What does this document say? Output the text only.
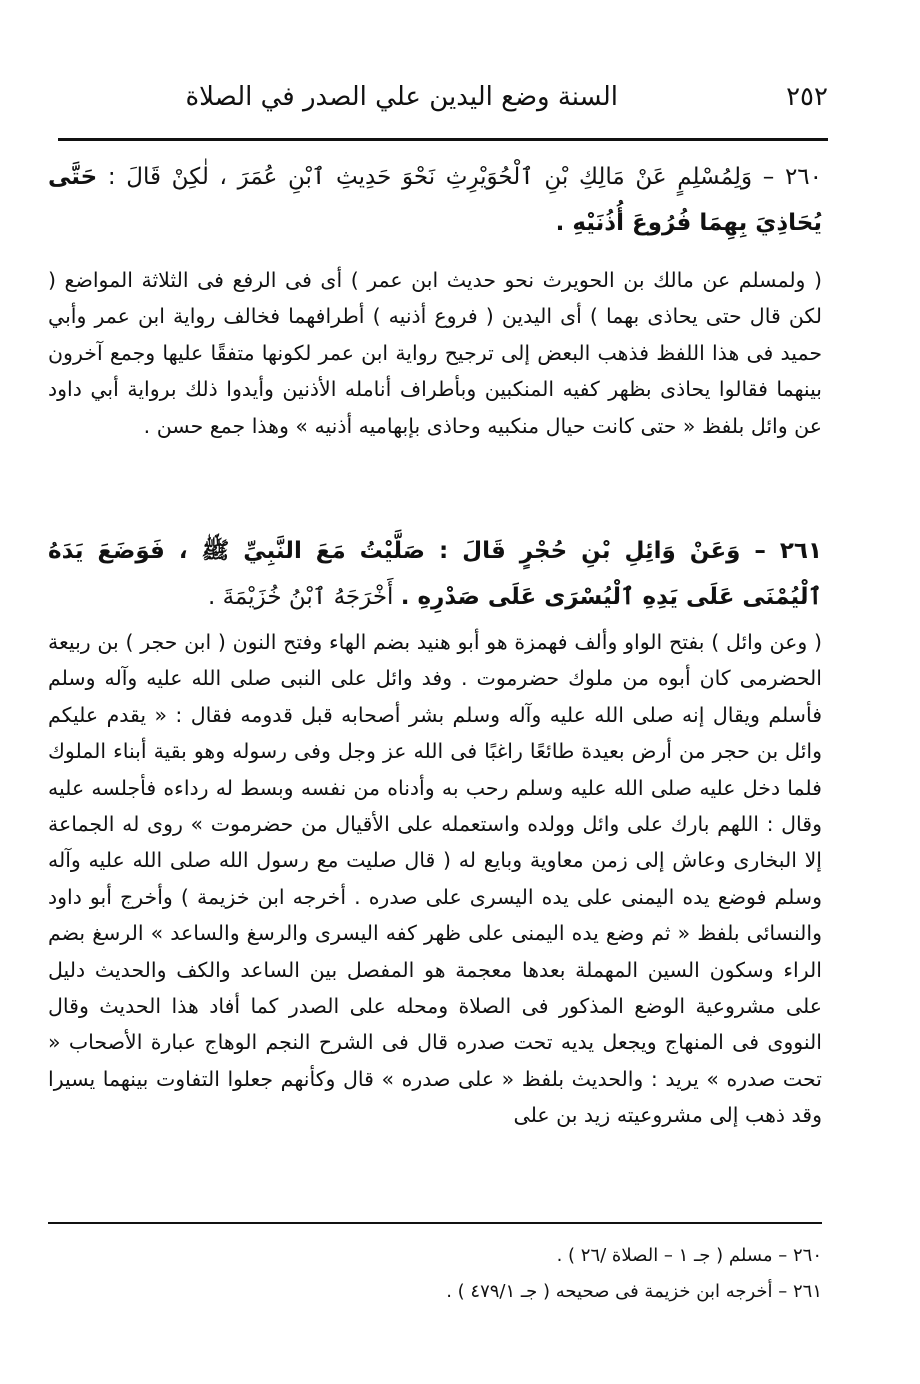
٢٥٢
السنة وضع اليدين علي الصدر في الصلاة
٢٦٠ – وَلِمُسْلِمٍ عَنْ مَالِكِ بْنِ ٱلْحُوَيْرِثِ نَحْوَ حَدِيثِ ٱبْنِ عُمَرَ ، لٰكِنْ قَالَ : حَتَّى يُحَاذِيَ بِهِمَا فُرُوعَ أُذُنَيْهِ .
( ولمسلم عن مالك بن الحويرث نحو حديث ابن عمر ) أى فى الرفع فى الثلاثة المواضع ( لكن قال حتى يحاذى بهما ) أى اليدين ( فروع أذنيه ) أطرافهما فخالف رواية ابن عمر وأبي حميد فى هذا اللفظ فذهب البعض إلى ترجيح رواية ابن عمر لكونها متفقًا عليها وجمع آخرون بينهما فقالوا يحاذى بظهر كفيه المنكبين وبأطراف أنامله الأذنين وأيدوا ذلك برواية أبي داود عن وائل بلفظ « حتى كانت حيال منكبيه وحاذى بإبهاميه أذنيه » وهذا جمع حسن .
٢٦١ – وَعَنْ وَائِلِ بْنِ حُجْرٍ قَالَ : صَلَّيْتُ مَعَ النَّبِيِّ ﷺ ، فَوَضَعَ يَدَهُ ٱلْيُمْنَى عَلَى يَدِهِ ٱلْيُسْرَى عَلَى صَدْرِهِ . أَخْرَجَهُ ٱبْنُ خُزَيْمَةَ .
( وعن وائل ) بفتح الواو وألف فهمزة هو أبو هنيد بضم الهاء وفتح النون ( ابن حجر ) بن ربيعة الحضرمى كان أبوه من ملوك حضرموت . وفد وائل على النبى صلى الله عليه وآله وسلم فأسلم ويقال إنه صلى الله عليه وآله وسلم بشر أصحابه قبل قدومه فقال : « يقدم عليكم وائل بن حجر من أرض بعيدة طائعًا راغبًا فى الله عز وجل وفى رسوله وهو بقية أبناء الملوك فلما دخل عليه صلى الله عليه وسلم رحب به وأدناه من نفسه وبسط له رداءه فأجلسه عليه وقال : اللهم بارك على وائل وولده واستعمله على الأقيال من حضرموت » روى له الجماعة إلا البخارى وعاش إلى زمن معاوية وبايع له ( قال صليت مع رسول الله صلى الله عليه وآله وسلم فوضع يده اليمنى على يده اليسرى على صدره . أخرجه ابن خزيمة ) وأخرج أبو داود والنسائى بلفظ « ثم وضع يده اليمنى على ظهر كفه اليسرى والرسغ والساعد » الرسغ بضم الراء وسكون السين المهملة بعدها معجمة هو المفصل بين الساعد والكف والحديث دليل على مشروعية الوضع المذكور فى الصلاة ومحله على الصدر كما أفاد هذا الحديث وقال النووى فى المنهاج ويجعل يديه تحت صدره قال فى الشرح النجم الوهاج عبارة الأصحاب « تحت صدره » يريد : والحديث بلفظ « على صدره » قال وكأنهم جعلوا التفاوت بينهما يسيرا وقد ذهب إلى مشروعيته زيد بن على
٢٦٠ – مسلم ( جـ ١ – الصلاة /٢٦ ) .
٢٦١ – أخرجه ابن خزيمة فى صحيحه ( جـ ٤٧٩/١ ) .
